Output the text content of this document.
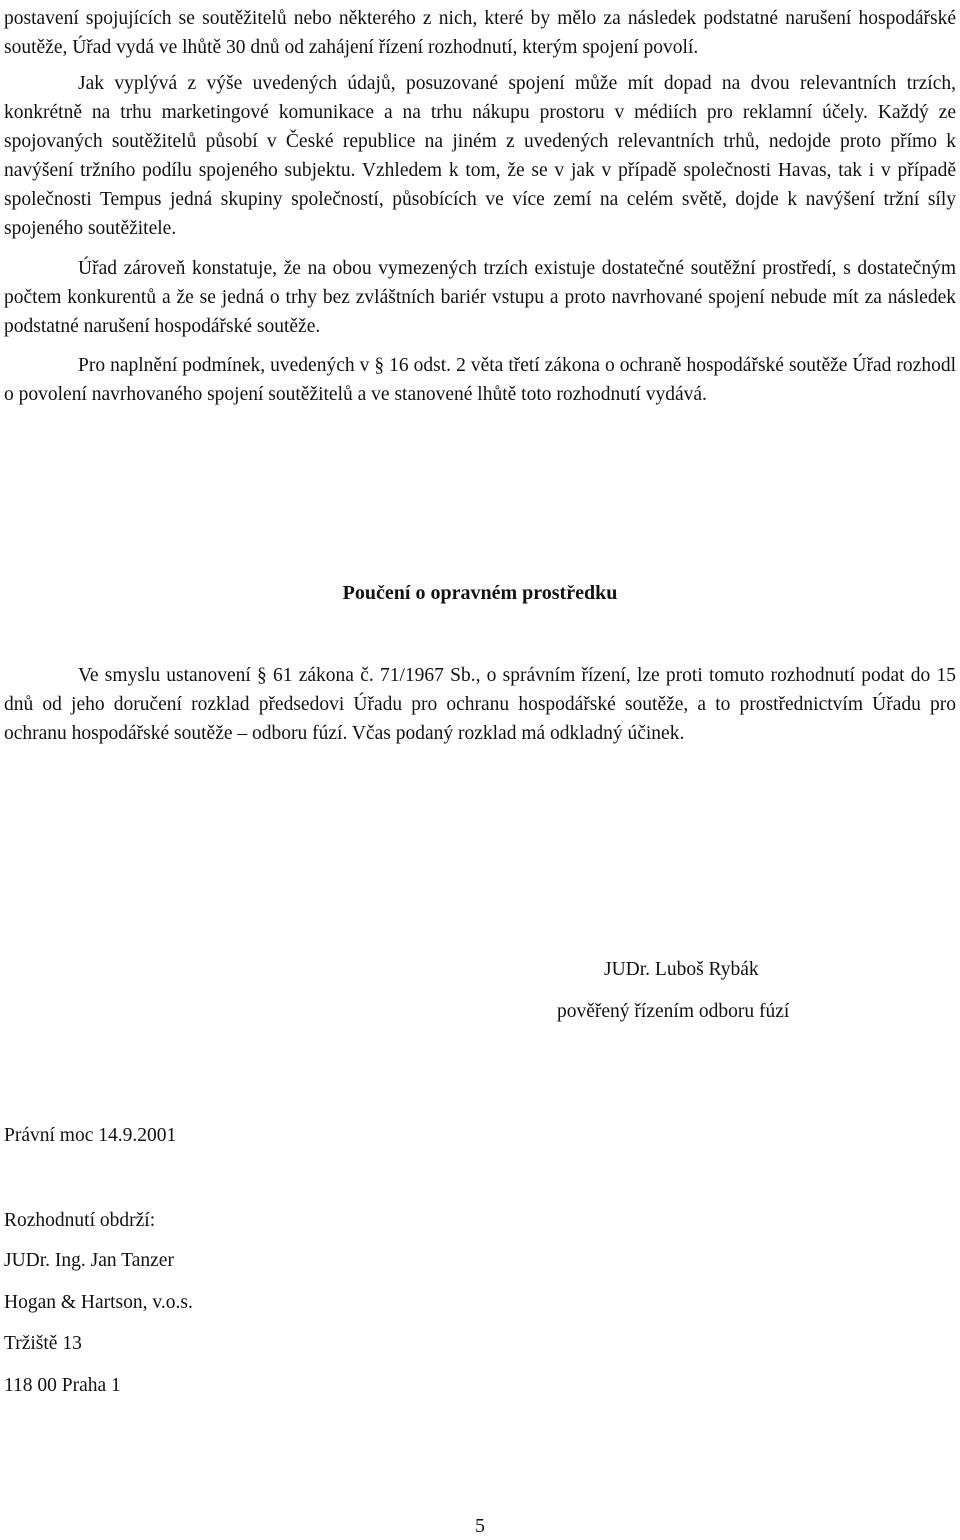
postavení spojujících se soutěžitelů nebo některého z nich, které by mělo za následek podstatné narušení hospodářské soutěže, Úřad vydá ve lhůtě 30 dnů od zahájení řízení rozhodnutí, kterým spojení povolí.

Jak vyplývá z výše uvedených údajů, posuzované spojení může mít dopad na dvou relevantních trzích, konkrétně na trhu marketingové komunikace a na trhu nákupu prostoru v médiích pro reklamní účely. Každý ze spojovaných soutěžitelů působí v České republice na jiném z uvedených relevantních trhů, nedojde proto přímo k navýšení tržního podílu spojeného subjektu. Vzhledem k tom, že se v jak v případě společnosti Havas, tak i v případě společnosti Tempus jedná skupiny společností, působících ve více zemí na celém světě, dojde k navýšení tržní síly spojeného soutěžitele.

Úřad zároveň konstatuje, že na obou vymezených trzích existuje dostatečné soutěžní prostředí, s dostatečným počtem konkurentů a že se jedná o trhy bez zvláštních bariér vstupu a proto navrhované spojení nebude mít za následek podstatné narušení hospodářské soutěže.

Pro naplnění podmínek, uvedených v § 16 odst. 2 věta třetí zákona o ochraně hospodářské soutěže Úřad rozhodl o povolení navrhovaného spojení soutěžitelů a ve stanovené lhůtě toto rozhodnutí vydává.

Poučení o opravném prostředku

Ve smyslu ustanovení § 61 zákona č. 71/1967 Sb., o správním řízení, lze proti tomuto rozhodnutí podat do 15 dnů od jeho doručení rozklad předsedovi Úřadu pro ochranu hospodářské soutěže, a to prostřednictvím Úřadu pro ochranu hospodářské soutěže – odboru fúzí. Včas podaný rozklad má odkladný účinek.

JUDr. Luboš Rybák
pověřený řízením odboru fúzí
Právní moc 14.9.2001
Rozhodnutí obdrží:
JUDr. Ing. Jan Tanzer
Hogan & Hartson, v.o.s.
Tržiště 13
118 00 Praha 1
5
